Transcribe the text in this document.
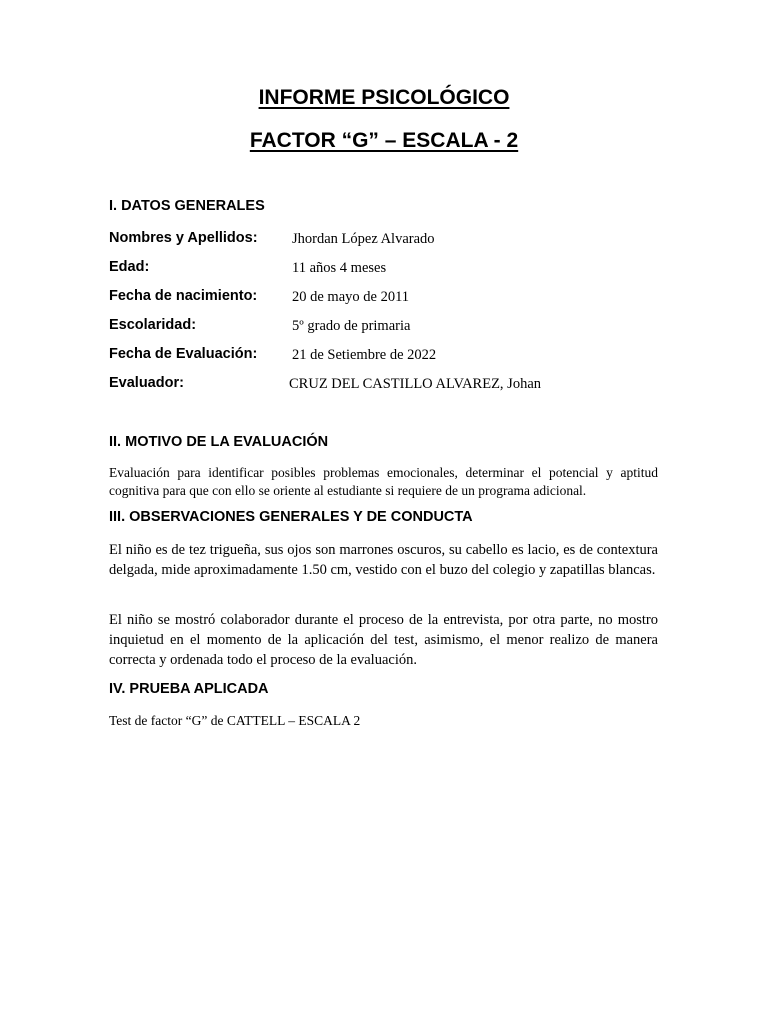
INFORME PSICOLÓGICO
FACTOR “G” – ESCALA - 2
I. DATOS GENERALES
Nombres y Apellidos: Jhordan López Alvarado
Edad:	11 años 4 meses
Fecha de nacimiento: 20 de mayo de 2011
Escolaridad:	5º grado de primaria
Fecha de Evaluación: 21 de Setiembre de 2022
Evaluador:	CRUZ DEL CASTILLO ALVAREZ, Johan
II. MOTIVO DE LA EVALUACIÓN

Evaluación para identificar posibles problemas emocionales, determinar el potencial y aptitud cognitiva para que con ello se oriente al estudiante si requiere de un programa adicional.

III. OBSERVACIONES GENERALES Y DE CONDUCTA

El niño es de tez trigueña, sus ojos son marrones oscuros, su cabello es lacio, es de contextura delgada, mide aproximadamente 1.50 cm, vestido con el buzo del colegio y zapatillas blancas.

El niño se mostró colaborador durante el proceso de la entrevista, por otra parte, no mostro inquietud en el momento de la aplicación del test, asimismo, el menor realizo de manera correcta y ordenada todo el proceso de la evaluación.

IV. PRUEBA APLICADA

Test de factor “G” de CATTELL – ESCALA 2
